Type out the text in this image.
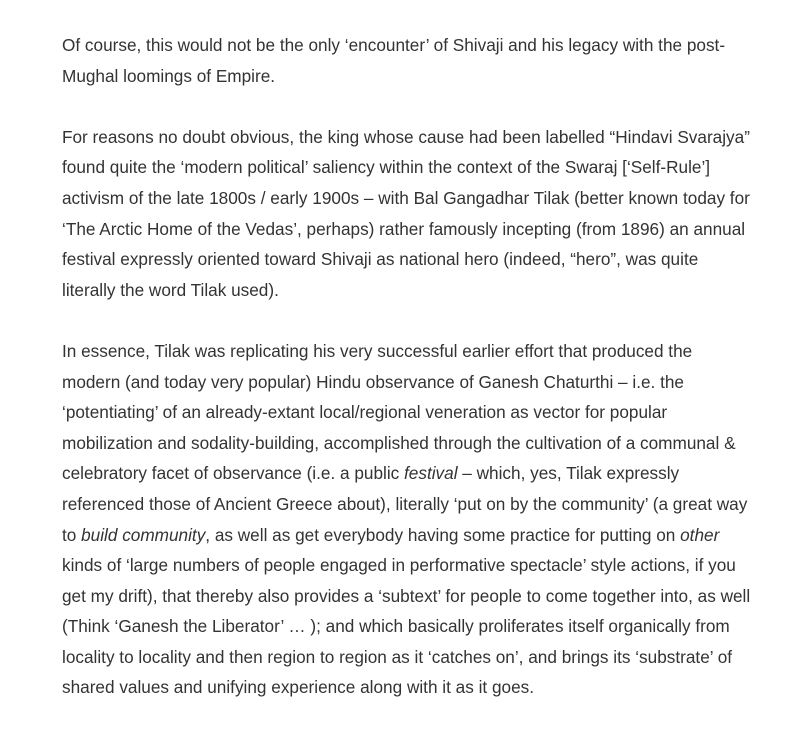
Of course, this would not be the only ‘encounter’ of Shivaji and his legacy with the post-Mughal loomings of Empire.

For reasons no doubt obvious, the king whose cause had been labelled “Hindavi Svarajya” found quite the ‘modern political’ saliency within the context of the Swaraj [‘Self-Rule’] activism of the late 1800s / early 1900s – with Bal Gangadhar Tilak (better known today for ‘The Arctic Home of the Vedas’, perhaps) rather famously incepting (from 1896) an annual festival expressly oriented toward Shivaji as national hero (indeed, “hero”, was quite literally the word Tilak used).

In essence, Tilak was replicating his very successful earlier effort that produced the modern (and today very popular) Hindu observance of Ganesh Chaturthi – i.e. the ‘potentiating’ of an already-extant local/regional veneration as vector for popular mobilization and sodality-building, accomplished through the cultivation of a communal & celebratory facet of observance (i.e. a public festival – which, yes, Tilak expressly referenced those of Ancient Greece about), literally ‘put on by the community’ (a great way to build community, as well as get everybody having some practice for putting on other kinds of ‘large numbers of people engaged in performative spectacle’ style actions, if you get my drift), that thereby also provides a ‘subtext’ for people to come together into, as well (Think ‘Ganesh the Liberator’ … ); and which basically proliferates itself organically from locality to locality and then region to region as it ‘catches on’, and brings its ‘substrate’ of shared values and unifying experience along with it as it goes.
